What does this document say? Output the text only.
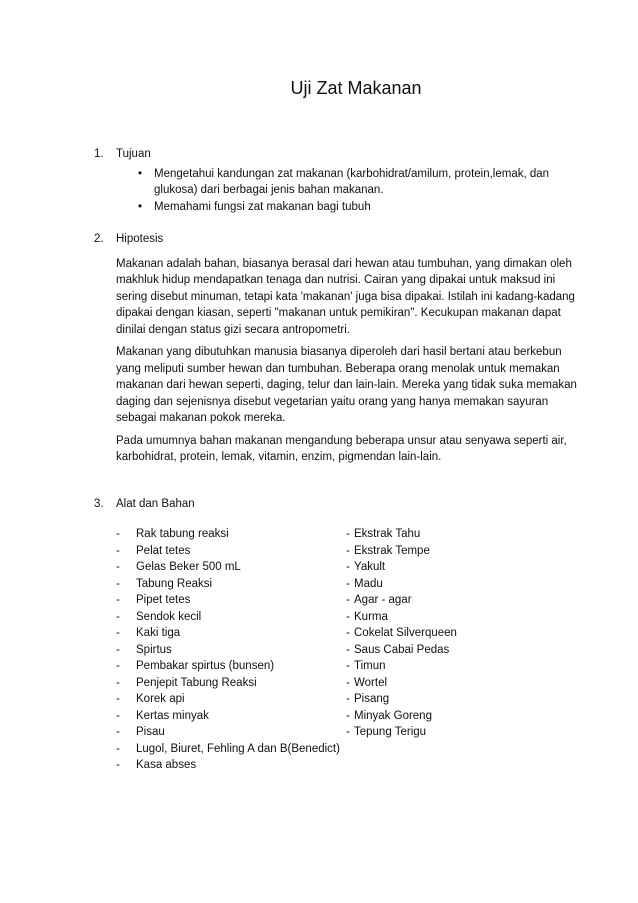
Uji Zat Makanan
1.	Tujuan
• Mengetahui kandungan zat makanan (karbohidrat/amilum, protein,lemak, dan glukosa) dari berbagai jenis bahan makanan.
• Memahami fungsi zat makanan bagi tubuh
2.	Hipotesis

Makanan adalah bahan, biasanya berasal dari hewan atau tumbuhan, yang dimakan oleh makhluk hidup mendapatkan tenaga dan nutrisi. Cairan yang dipakai untuk maksud ini sering disebut minuman, tetapi kata 'makanan' juga bisa dipakai. Istilah ini kadang-kadang dipakai dengan kiasan, seperti "makanan untuk pemikiran". Kecukupan makanan dapat dinilai dengan status gizi secara antropometri.

Makanan yang dibutuhkan manusia biasanya diperoleh dari hasil bertani atau berkebun yang meliputi sumber hewan dan tumbuhan. Beberapa orang menolak untuk memakan makanan dari hewan seperti, daging, telur dan lain-lain. Mereka yang tidak suka memakan daging dan sejenisnya disebut vegetarian yaitu orang yang hanya memakan sayuran sebagai makanan pokok mereka.

Pada umumnya bahan makanan mengandung beberapa unsur atau senyawa seperti air, karbohidrat, protein, lemak, vitamin, enzim, pigmendan lain-lain.

3.	Alat dan Bahan
-	Rak tabung reaksi
-	Pelat tetes
-	Gelas Beker 500 mL
-	Tabung Reaksi
-	Pipet tetes
-	Sendok kecil
-	Kaki tiga
-	Spirtus
-	Pembakar spirtus (bunsen)
-	Penjepit Tabung Reaksi
-	Korek api
-	Kertas minyak
-	Pisau
-	Lugol, Biuret, Fehling A dan B(Benedict)
-	Kasa abses
- Ekstrak Tahu
- Ekstrak Tempe
- Yakult
- Madu
- Agar - agar
- Kurma
- Cokelat Silverqueen
- Saus Cabai Pedas
- Timun
- Wortel
- Pisang
- Minyak Goreng
- Tepung Terigu
